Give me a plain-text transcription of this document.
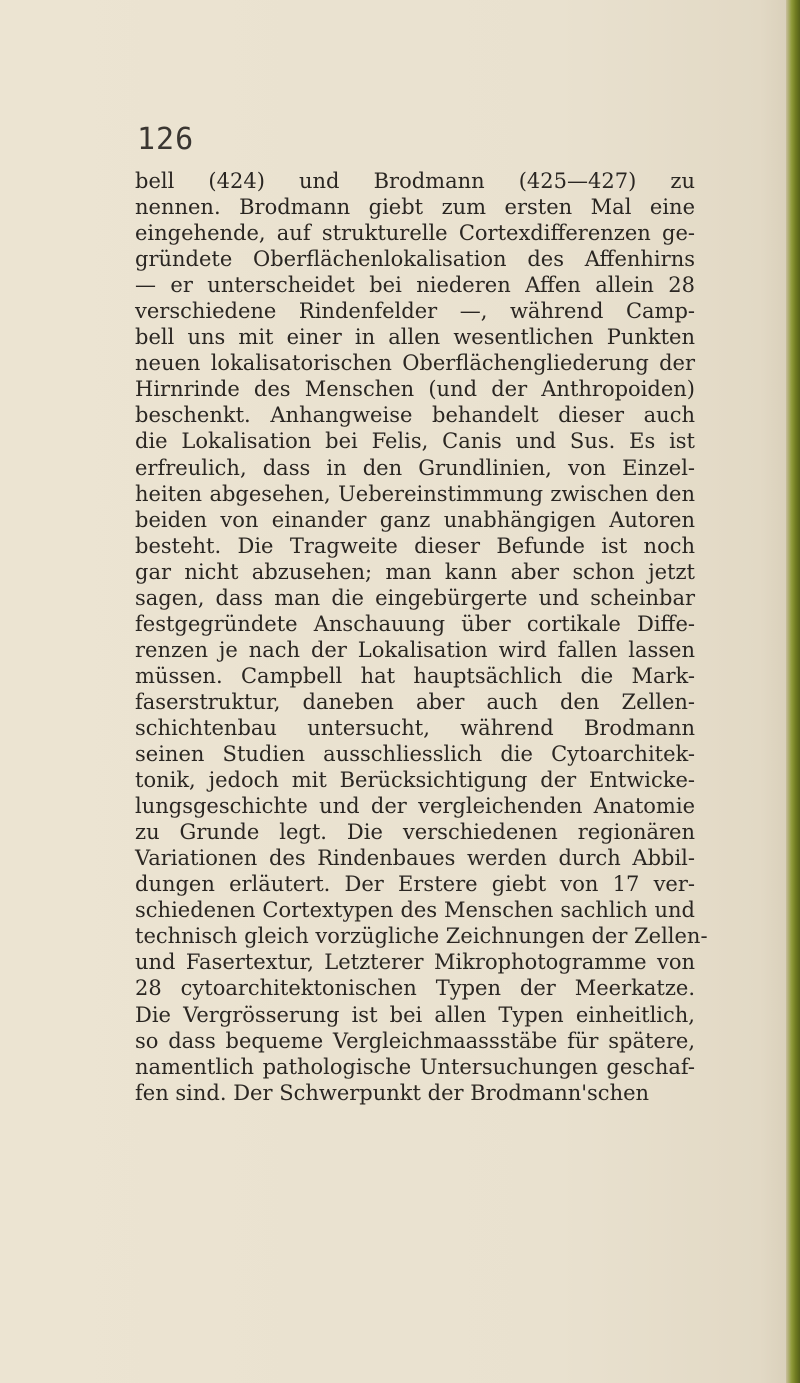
126
bell (424) und Brodmann (425—427) zu
nennen. Brodmann giebt zum ersten Mal eine
eingehende, auf strukturelle Cortexdifferenzen ge-
gründete Oberflächenlokalisation des Affenhirns
— er unterscheidet bei niederen Affen allein 28
verschiedene Rindenfelder —, während Camp-
bell uns mit einer in allen wesentlichen Punkten
neuen lokalisatorischen Oberflächengliederung der
Hirnrinde des Menschen (und der Anthropoiden)
beschenkt. Anhangweise behandelt dieser auch
die Lokalisation bei Felis, Canis und Sus. Es ist
erfreulich, dass in den Grundlinien, von Einzel-
heiten abgesehen, Uebereinstimmung zwischen den
beiden von einander ganz unabhängigen Autoren
besteht. Die Tragweite dieser Befunde ist noch
gar nicht abzusehen; man kann aber schon jetzt
sagen, dass man die eingebürgerte und scheinbar
festgegründete Anschauung über cortikale Diffe-
renzen je nach der Lokalisation wird fallen lassen
müssen. Campbell hat hauptsächlich die Mark-
faserstruktur, daneben aber auch den Zellen-
schichtenbau untersucht, während Brodmann
seinen Studien ausschliesslich die Cytoarchitek-
tonik, jedoch mit Berücksichtigung der Entwicke-
lungsgeschichte und der vergleichenden Anatomie
zu Grunde legt. Die verschiedenen regionären
Variationen des Rindenbaues werden durch Abbil-
dungen erläutert. Der Erstere giebt von 17 ver-
schiedenen Cortextypen des Menschen sachlich und
technisch gleich vorzügliche Zeichnungen der Zellen-
und Fasertextur, Letzterer Mikrophotogramme von
28 cytoarchitektonischen Typen der Meerkatze.
Die Vergrösserung ist bei allen Typen einheitlich,
so dass bequeme Vergleichmaassstäbe für spätere,
namentlich pathologische Untersuchungen geschaf-
fen sind. Der Schwerpunkt der Brodmann'schen
